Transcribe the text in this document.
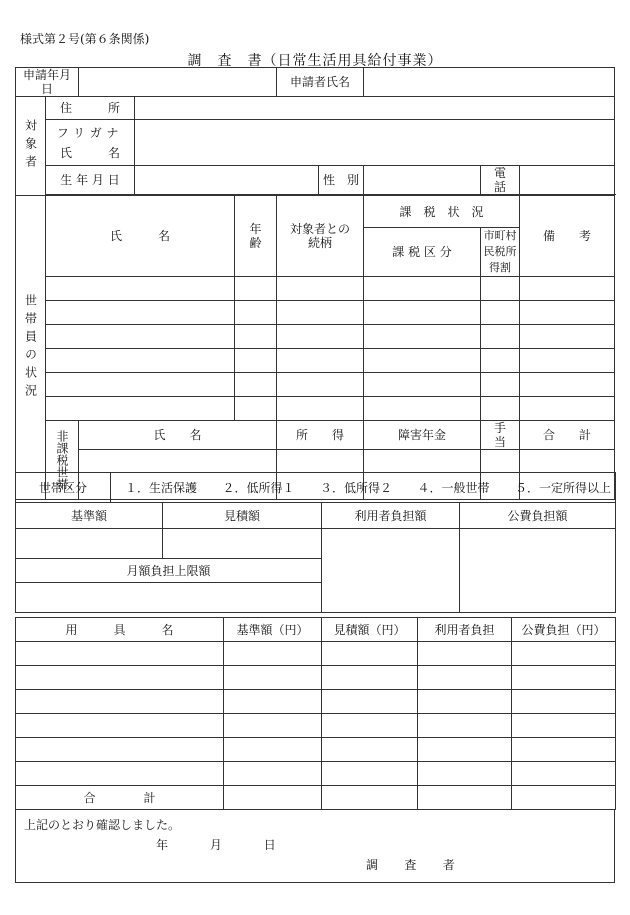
様式第２号(第６条関係)
調　査　書（日常生活用具給付事業）
申請年月日					申請者氏名				
対象者	住　　　所								

	フリガナ
氏　　　名								

	生 年 月 日					性　別		電　話	

世帯員の状況	氏　　　名			年齢	対象者との続柄		課　税　状　況		備　　考
							課 税 区 分	市町村民税所得割	

	非課税世帯	氏　　名			所　　得		障害年金	手　　当	合　　計

世帯区分	１．生活保護 ２．低所得１ ３．低所得２ ４．一般世帯 ５．一定所得以上
基準額	見積額	利用者負担額	公費負担額

月額負担上限額			

用　　　具　　　名	基準額（円）	見積額（円）	利用者負担	公費負担（円）

合　　　　計				
上記のとおり確認しました。
年	月	日
調　査　者
